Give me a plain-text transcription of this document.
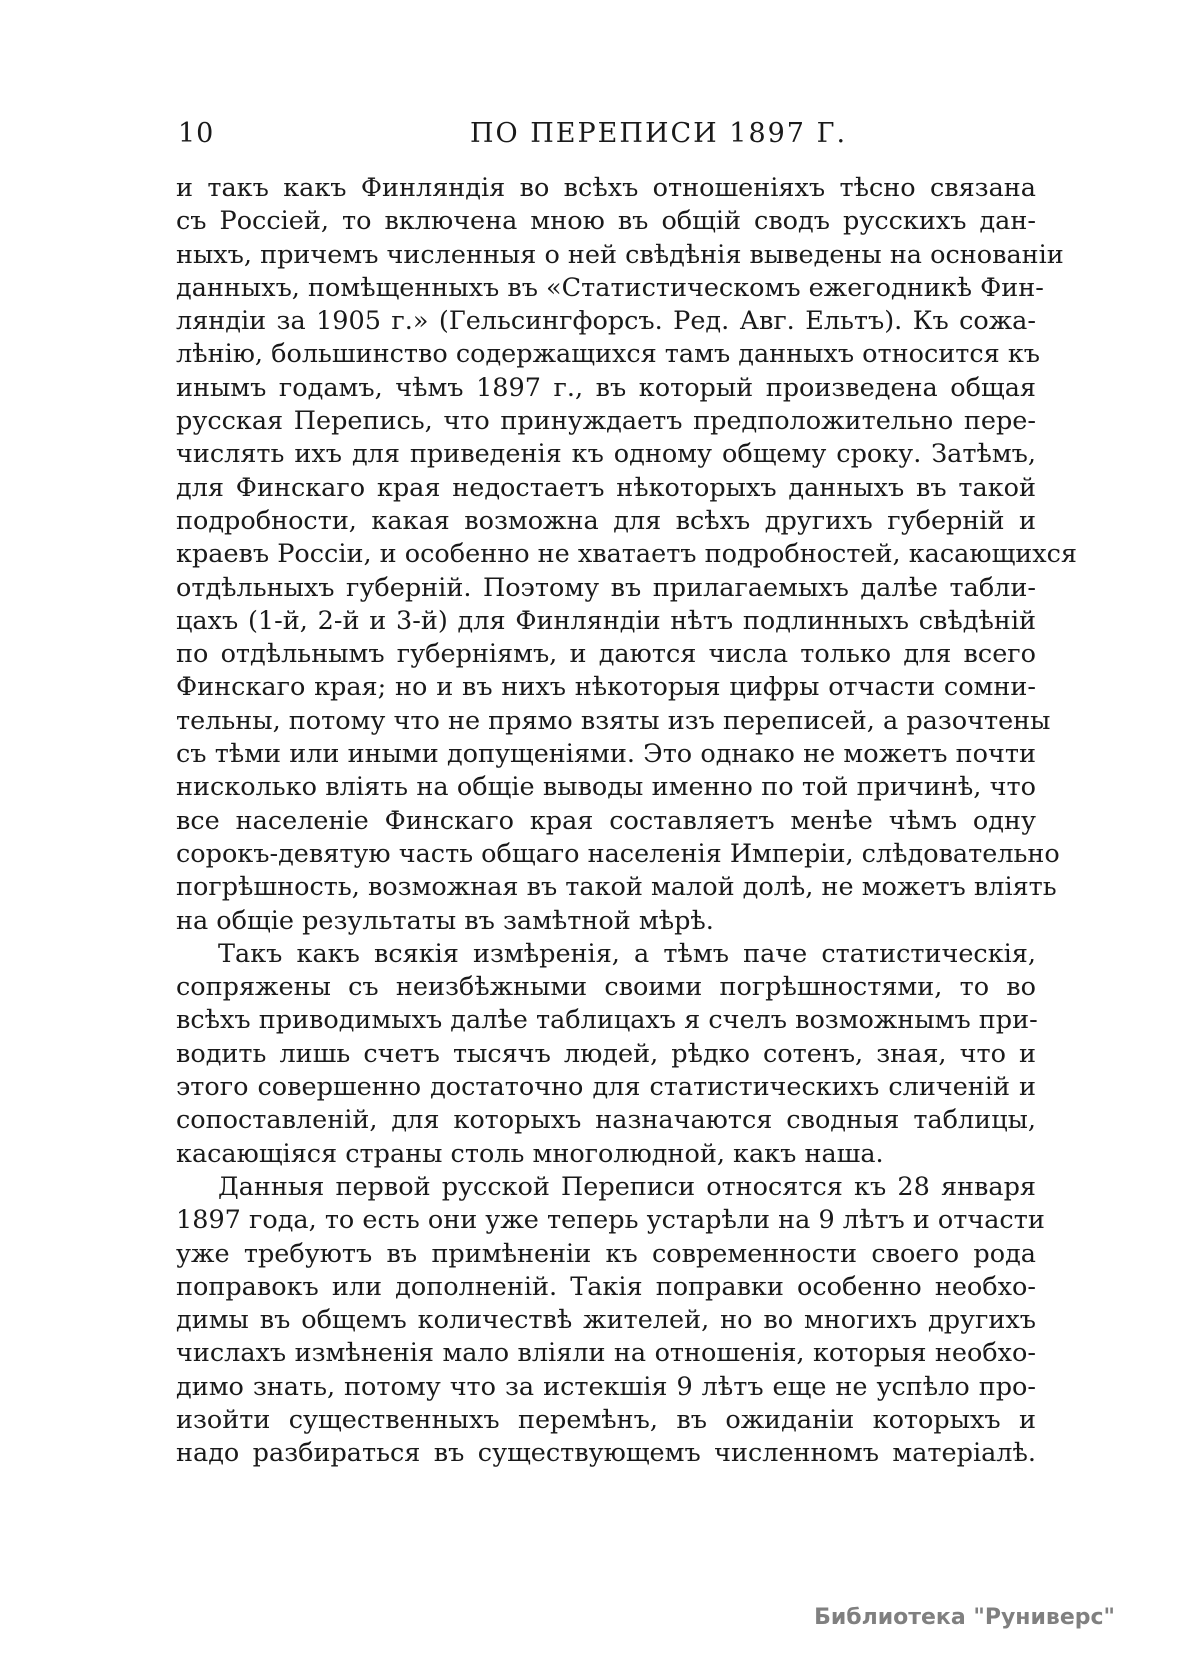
10	ПО ПЕРЕПИСИ 1897 Г.

и такъ какъ Финляндія во всѣхъ отношеніяхъ тѣсно связана
съ Россіей, то включена мною въ общій сводъ русскихъ дан-
ныхъ, причемъ численныя о ней свѣдѣнія выведены на основаніи
данныхъ, помѣщенныхъ въ «Статистическомъ ежегодникѣ Фин-
ляндіи за 1905 г.» (Гельсингфорсъ. Ред. Авг. Ельтъ). Къ сожа-
лѣнію, большинство содержащихся тамъ данныхъ относится къ
инымъ годамъ, чѣмъ 1897 г., въ который произведена общая
русская Перепись, что принуждаетъ предположительно пере-
числять ихъ для приведенія къ одному общему сроку. Затѣмъ,
для Финскаго края недостаетъ нѣкоторыхъ данныхъ въ такой
подробности, какая возможна для всѣхъ другихъ губерній и
краевъ Россіи, и особенно не хватаетъ подробностей, касающихся
отдѣльныхъ губерній. Поэтому въ прилагаемыхъ далѣе табли-
цахъ (1-й, 2-й и 3-й) для Финляндіи нѣтъ подлинныхъ свѣдѣній
по отдѣльнымъ губерніямъ, и даются числа только для всего
Финскаго края; но и въ нихъ нѣкоторыя цифры отчасти сомни-
тельны, потому что не прямо взяты изъ переписей, а разочтены
съ тѣми или иными допущеніями. Это однако не можетъ почти
нисколько вліять на общіе выводы именно по той причинѣ, что
все населеніе Финскаго края составляетъ менѣе чѣмъ одну
сорокъ-девятую часть общаго населенія Имперіи, слѣдовательно
погрѣшность, возможная въ такой малой долѣ, не можетъ вліять
на общіе результаты въ замѣтной мѣрѣ.

Такъ какъ всякія измѣренія, а тѣмъ паче статистическія,
сопряжены съ неизбѣжными своими погрѣшностями, то во
всѣхъ приводимыхъ далѣе таблицахъ я счелъ возможнымъ при-
водить лишь счетъ тысячъ людей, рѣдко сотенъ, зная, что и
этого совершенно достаточно для статистическихъ сличеній и
сопоставленій, для которыхъ назначаются сводныя таблицы,
касающіяся страны столь многолюдной, какъ наша.

Данныя первой русской Переписи относятся къ 28 января
1897 года, то есть они уже теперь устарѣли на 9 лѣтъ и отчасти
уже требуютъ въ примѣненіи къ современности своего рода
поправокъ или дополненій. Такія поправки особенно необхо-
димы въ общемъ количествѣ жителей, но во многихъ другихъ
числахъ измѣненія мало вліяли на отношенія, которыя необхо-
димо знать, потому что за истекшія 9 лѣтъ еще не успѣло про-
изойти существенныхъ перемѣнъ, въ ожиданіи которыхъ и
надо разбираться въ существующемъ численномъ матеріалѣ.

Библиотека "Руниверс"
